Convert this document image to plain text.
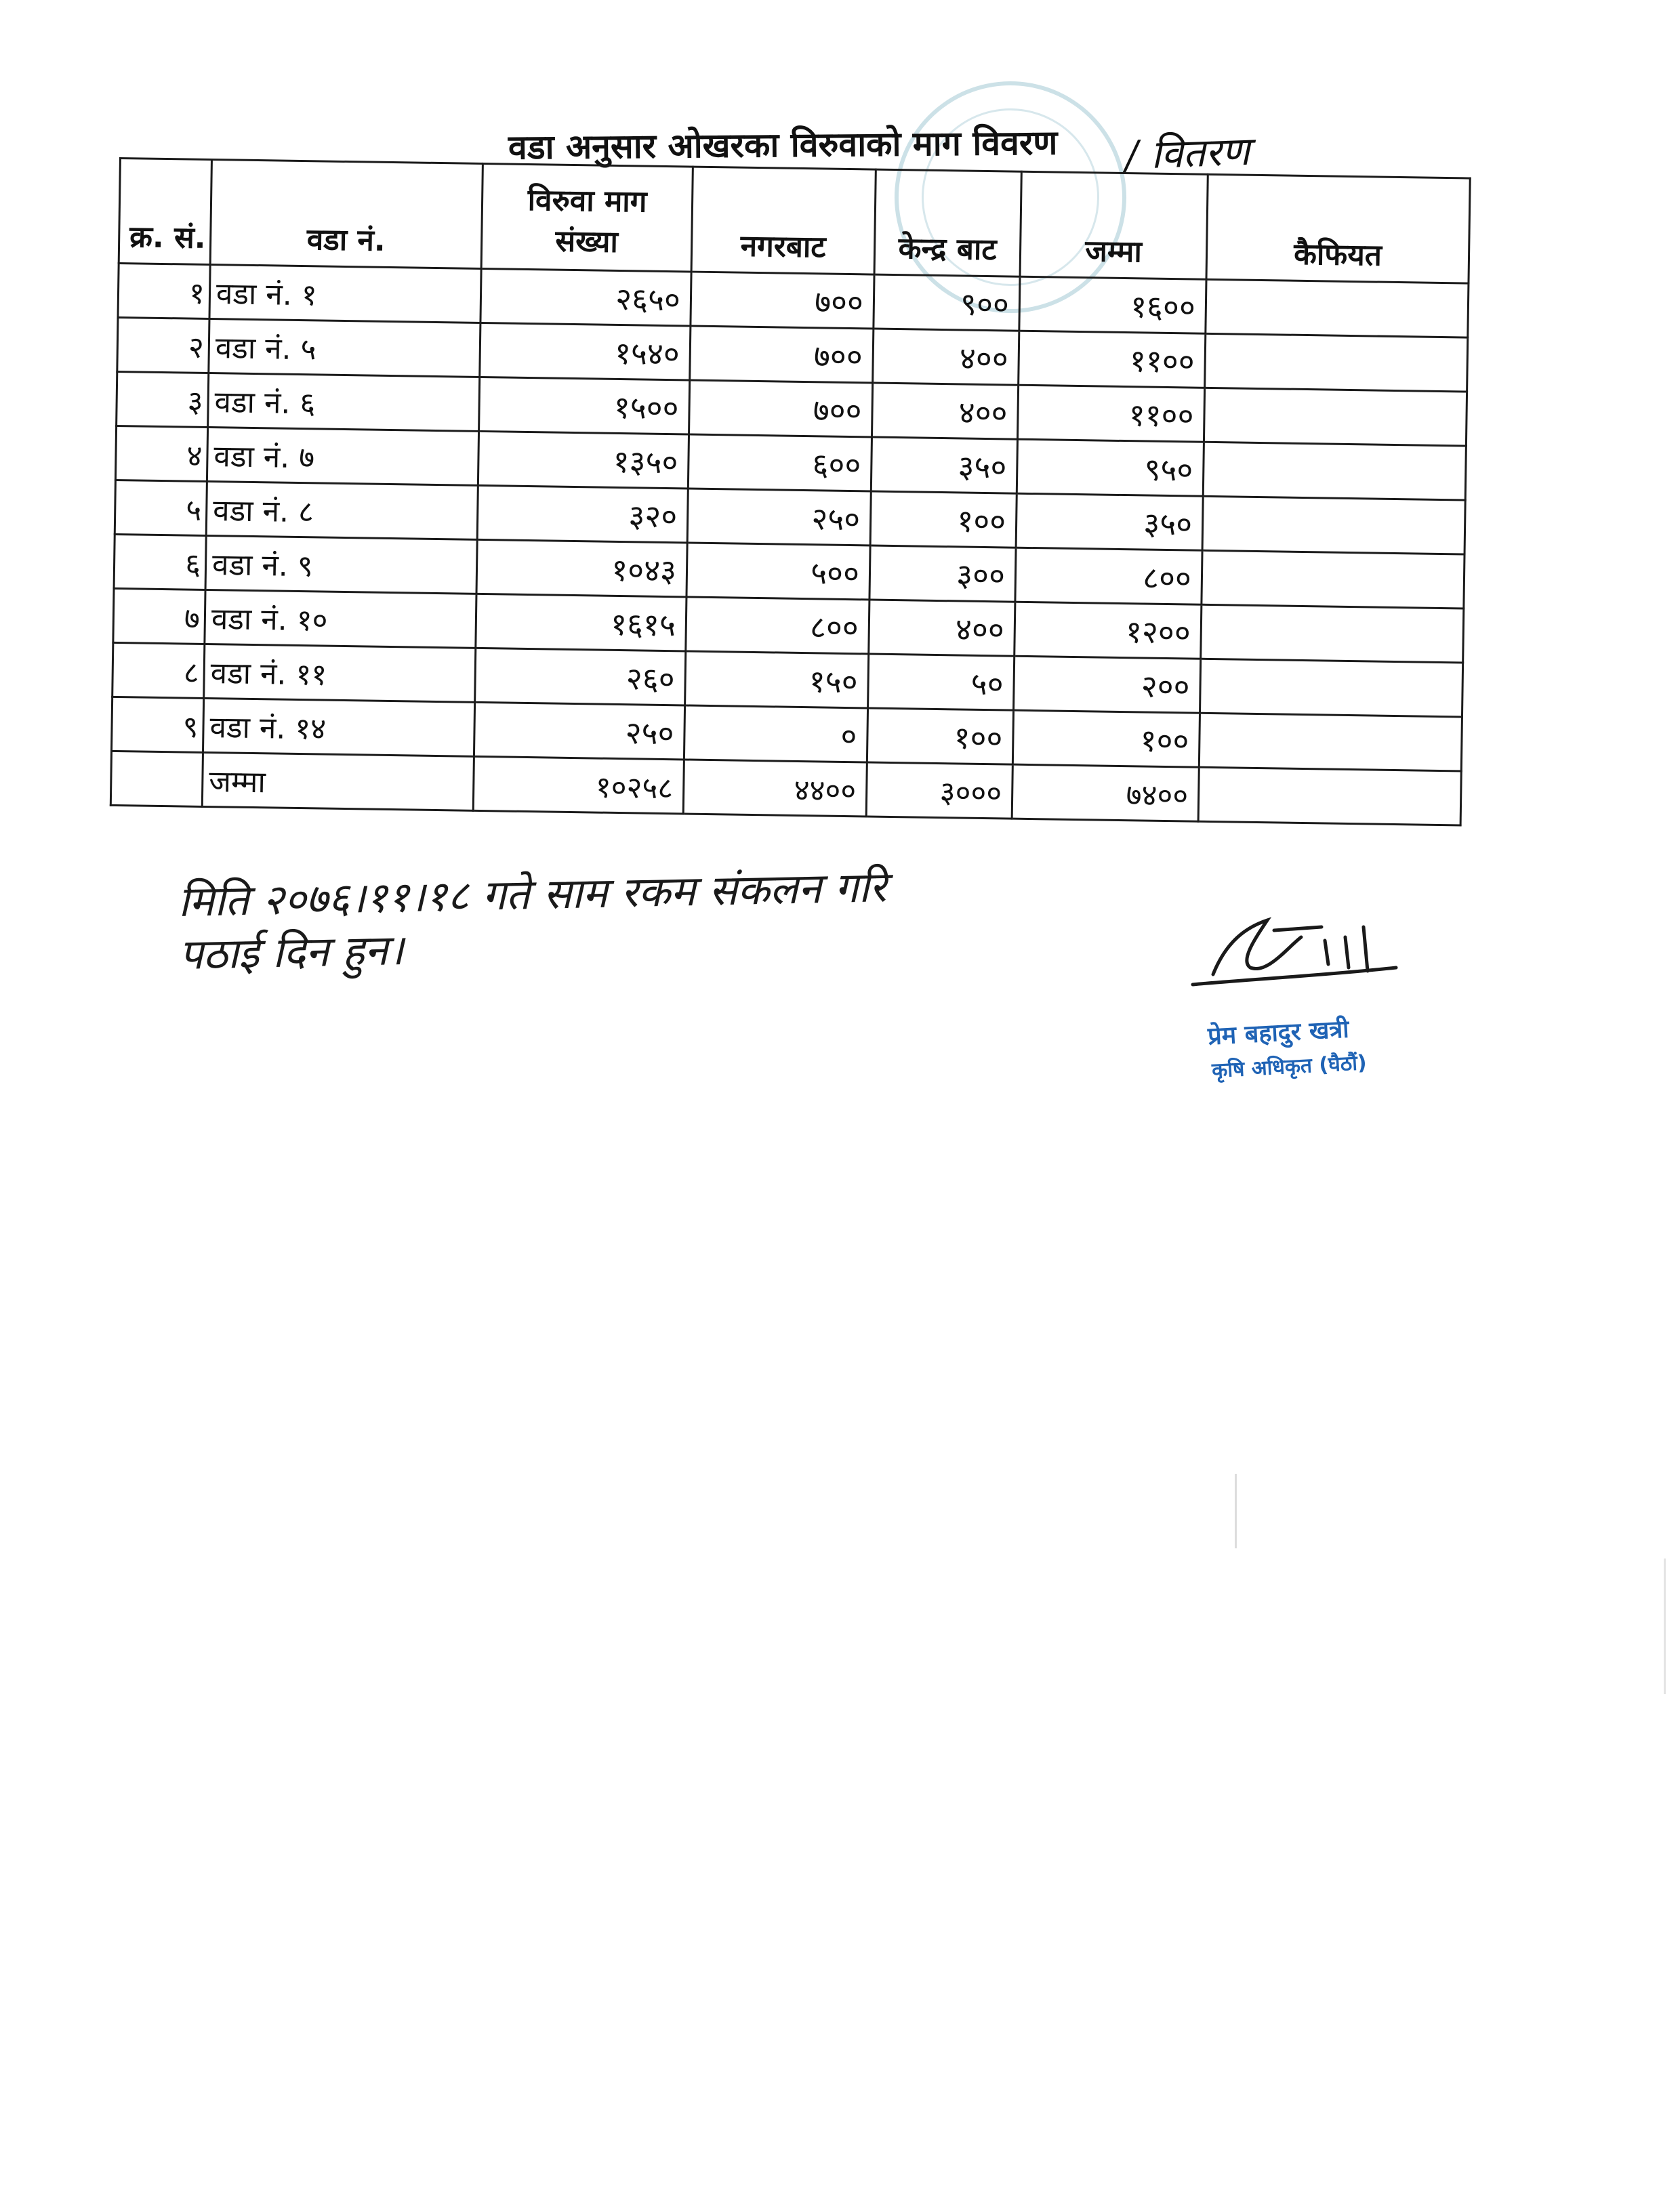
वडा अनुसार ओखरका विरुवाको माग विवरण / वितरण
क्र. सं.	वडा नं.	विरुवा माग संख्या	नगरबाट	केन्द्र बाट	जम्मा	कैफियत
१	वडा नं. १	२६५०	७००	९००	१६००	
२	वडा नं. ५	१५४०	७००	४००	११००	
३	वडा नं. ६	१५००	७००	४००	११००	
४	वडा नं. ७	१३५०	६००	३५०	९५०	
५	वडा नं. ८	३२०	२५०	१००	३५०	
६	वडा नं. ९	१०४३	५००	३००	८००	
७	वडा नं. १०	१६१५	८००	४००	१२००	
८	वडा नं. ११	२६०	१५०	५०	२००	
९	वडा नं. १४	२५०	०	१००	१००	
	जम्मा	१०२५८	४४००	३०००	७४००	
मिति २०७६।११।१८ गते साम रकम संकलन गरि
पठाई दिन हुन।	२०७६।११।
प्रेम बहादुर खत्री
कृषि अधिकृत (घैठौं)
